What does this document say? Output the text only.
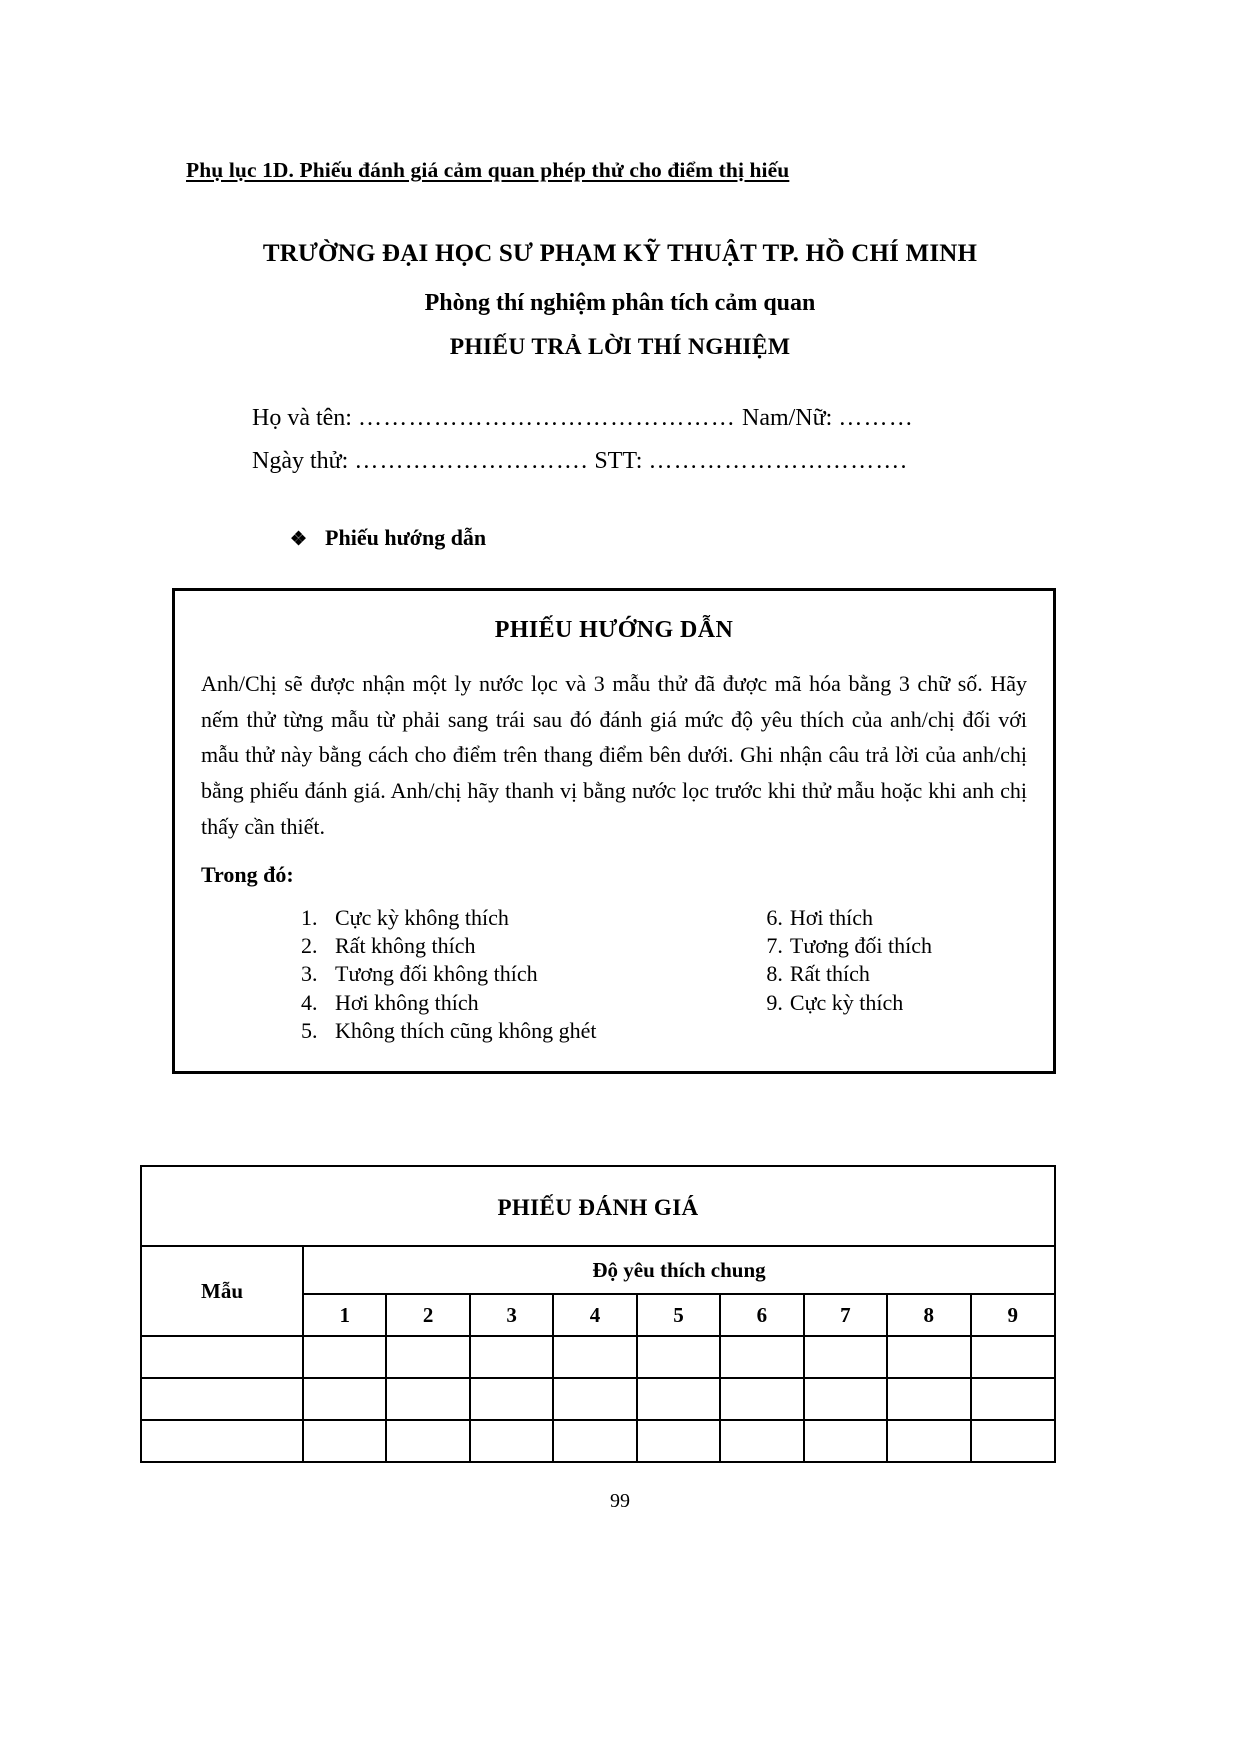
Phụ lục 1D. Phiếu đánh giá cảm quan phép thử cho điểm thị hiếu
TRƯỜNG ĐẠI HỌC SƯ PHẠM KỸ THUẬT TP. HỒ CHÍ MINH
Phòng thí nghiệm phân tích cảm quan
PHIẾU TRẢ LỜI THÍ NGHIỆM
Họ và tên: ……………………………………… Nam/Nữ: ………
Ngày thử: ………………………. STT: ………………………….
❖ Phiếu hướng dẫn
PHIẾU HƯỚNG DẪN

Anh/Chị sẽ được nhận một ly nước lọc và 3 mẫu thử đã được mã hóa bằng 3 chữ số. Hãy nếm thử từng mẫu từ phải sang trái sau đó đánh giá mức độ yêu thích của anh/chị đối với mẫu thử này bằng cách cho điểm trên thang điểm bên dưới. Ghi nhận câu trả lời của anh/chị bằng phiếu đánh giá. Anh/chị hãy thanh vị bằng nước lọc trước khi thử mẫu hoặc khi anh chị thấy cần thiết.

Trong đó:
1. Cực kỳ không thích
2. Rất không thích
3. Tương đối không thích
4. Hơi không thích
5. Không thích cũng không ghét
6. Hơi thích
7. Tương đối thích
8. Rất thích
9. Cực kỳ thích
PHIẾU ĐÁNH GIÁ
Mẫu	Độ yêu thích chung								
	1	2	3	4	5	6	7	8	9

99
